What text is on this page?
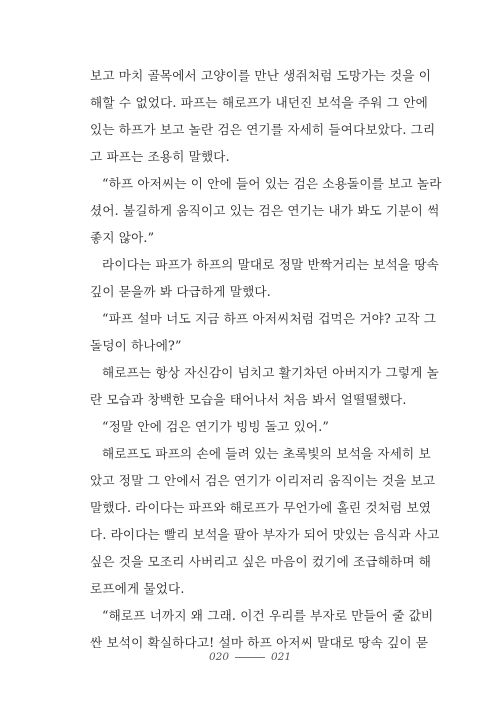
보고 마치 골목에서 고양이를 만난 생쥐처럼 도망가는 것을 이
해할 수 없었다. 파프는 해로프가 내던진 보석을 주워 그 안에
있는 하프가 보고 놀란 검은 연기를 자세히 들여다보았다. 그리
고 파프는 조용히 말했다.
“하프 아저씨는 이 안에 들어 있는 검은 소용돌이를 보고 놀라
셨어. 불길하게 움직이고 있는 검은 연기는 내가 봐도 기분이 썩
좋지 않아.”
라이다는 파프가 하프의 말대로 정말 반짝거리는 보석을 땅속
깊이 묻을까 봐 다급하게 말했다.
“파프 설마 너도 지금 하프 아저씨처럼 겁먹은 거야? 고작 그
돌덩이 하나에?”
해로프는 항상 자신감이 넘치고 활기차던 아버지가 그렇게 놀
란 모습과 창백한 모습을 태어나서 처음 봐서 얼떨떨했다.
“정말 안에 검은 연기가 빙빙 돌고 있어.”
해로프도 파프의 손에 들려 있는 초록빛의 보석을 자세히 보
았고 정말 그 안에서 검은 연기가 이리저리 움직이는 것을 보고
말했다. 라이다는 파프와 해로프가 무언가에 홀린 것처럼 보였
다. 라이다는 빨리 보석을 팔아 부자가 되어 맛있는 음식과 사고
싶은 것을 모조리 사버리고 싶은 마음이 컸기에 조급해하며 해
로프에게 물었다.
“해로프 너까지 왜 그래. 이건 우리를 부자로 만들어 줄 값비
싼 보석이 확실하다고! 설마 하프 아저씨 말대로 땅속 깊이 묻
020	021
